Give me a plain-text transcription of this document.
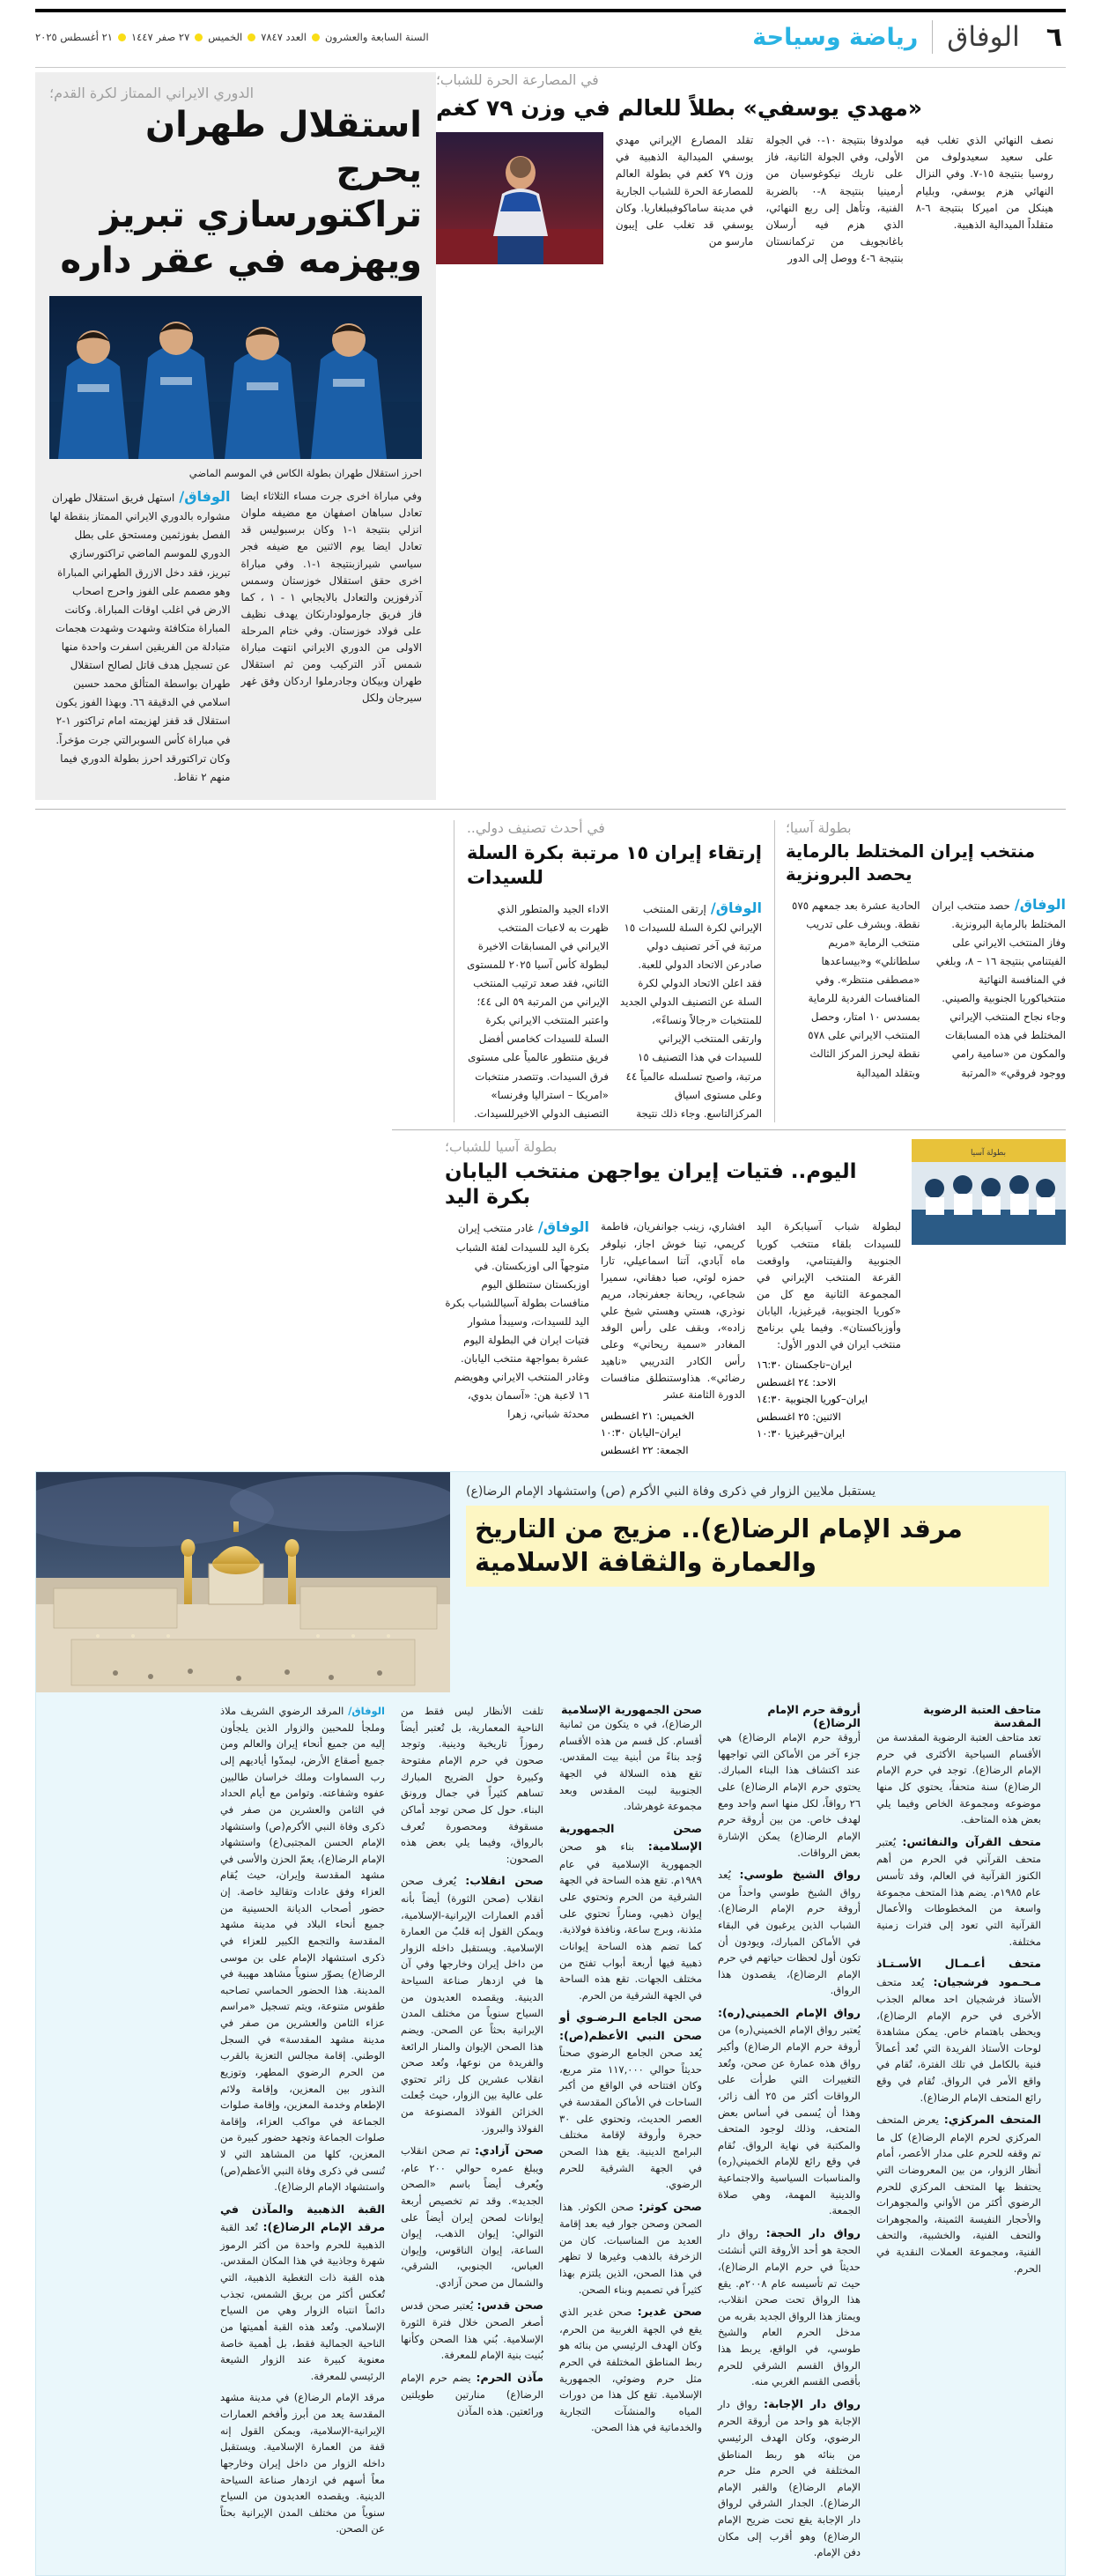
٦
الوفاق
رياضة وسياحة
السنة السابعة والعشرون
العدد ٧٨٤٧
الخميس
٢٧ صفر ١٤٤٧
٢١ أغسطس ٢٠٢٥
في المصارعة الحرة للشباب؛
«مهدي يوسفي» بطلاً للعالم في وزن ٧٩ كغم
نصف النهائي الذي تغلب فيه على سعيد سعيدولوف من روسيا بنتيجة ١٥-٧. وفي النزال النهائي هزم يوسفي، وبليام هينكل من اميركا بنتيجة ٦-٨ متقلداً الميدالية الذهبية.
مولدوفا بنتيجة ١٠-٠ في الجولة الأولى، وفي الجولة الثانية، فاز على ناريك نيكوغوسيان من أرمينيا بنتيجة ٨-٠ بالضربة الفنية، وتأهل إلى ربع النهائي، الذي هزم فيه أرسلان باغانجويف من تركمانستان بنتيجة ٦-٤ ووصل إلى الدور
تقلد المصارع الإيراني مهدي يوسفي الميدالية الذهبية في وزن ٧٩ كغم في بطولة العالم للمصارعة الحرة للشباب الجارية في مدينة ساماكوفببلغاريا. وكان يوسفي قد تغلب على إيبون مارسو من
الدوري الايراني الممتاز لكرة القدم؛
استقلال طهران يحرج
تراكتورسازي تبريز
ويهزمه في عقر داره
احرز استقلال طهران بطولة الكاس في الموسم الماضي
وفي مباراة اخرى جرت مساء الثلاثاء ايضا تعادل سباهان اصفهان مع مضيفه ملوان انزلي بنتيجة ١-١ وكان برسبوليس قد تعادل ايضا يوم الاثنين مع ضيفه فجر سياسي شيرازبنتيجة ١-١. وفي مباراة اخرى حقق استقلال خوزستان وسمس آذرفوزين والتعادل بالايجابي ١ - ١ ، كما فاز فريق جارمولودارنكان يهدف نظيف على فولاد خوزستان. وفي ختام المرحلة الاولى من الدوري الايراني انتهت مباراة شمس آذر التركيب ومن ثم استقلال طهران وبيكان وجادرملوا اردكان وفق غهر سيرجان ولكل
الوفاق/ استهل فريق استقلال طهران مشواره بالدوري الايراني الممتاز بنقطة لها الفصل بفوزثمين ومستحق على بطل الدوري للموسم الماضي تراكتورسازي تبريز، فقد دخل الازرق الطهراني المباراة وهو مصمم على الفوز واحرج اصحاب الارض في اغلب اوقات المباراة. وكانت المباراة متكافئة وشهدت وشهدت هجمات متبادلة من الفريقين اسفرت واحدة منها عن تسجيل هدف قاتل لصالح استقلال طهران بواسطة المتألق محمد حسين اسلامي في الدقيقة ٦٦. وبهذا الفوز يكون استقلال قد قفز لهزيمته امام تراكتور ١-٢ في مباراة كأس السوبرالتي جرت مؤخراً. وكان تراكتورقد احرز بطولة الدوري فيما منهم ٢ نقاط.
بطولة آسيا؛
منتخب إيران المختلط بالرماية يحصد البرونزية
الوفاق/ حصد منتخب ايران المختلط بالرماية البرونزية. وفاز المنتخب الايراني على الفيتنامي بنتيجة ١٦ – ٨، وبلغي في المنافسة النهائية منتخباكوريا الجنوبية والصيني. وجاء نجاح المنتخب الإيراني المختلط في هذه المسابقات والمكون من «سامية رامي ووجود فروقي» «المرتبة الحادية عشرة بعد جمعهم ٥٧٥ نقطة. وبشرف على تدريب منتخب الرماية «مريم سلطانلي» و«بيساعدها «مصطفى منتظر». وفي المنافسات الفردية للرماية بمسدس ١٠ امتار، وحصل المنتخب الايراني على ٥٧٨ نقطة ليحرز المركز الثالث وبتقلد الميدالية
في أحدث تصنيف دولي..
إرتقاء إيران ١٥ مرتبة بكرة السلة للسيدات
الوفاق/ إرتقى المنتخب الإيراني لكرة السلة للسيدات ١٥ مرتبة في آخر تصنيف دولي صادرعن الاتحاد الدولي للعبة. فقد اعلن الاتحاد الدولي لكرة السلة عن التصنيف الدولي الجديد للمنتخبات «رجالاً ونساءً»، وارتقى المنتخب الإيراني للسيدات في هذا التصنيف ١٥ مرتبة، واصبح تسلسله عالمياً ٤٤ وعلى مستوى اسياق المركزالتاسع. وجاء ذلك نتيجة الاداء الجيد والمتطور الذي ظهرت به لاعبات المنتخب الايراني في المسابقات الاخيرة لبطولة كأس آسيا ٢٠٢٥ للمستوى الثاني، فقد صعد ترتيب المنتخب الإيراني من المرتبة ٥٩ الى ٤٤؛ واعتبر المنتخب الايراني بكرة السلة للسيدات كخامس أفضل فريق منتطور عالمياً على مستوى فرق السيدات. وتتصدر منتخبات «امريكا – استراليا وفرنسا» التصنيف الدولي الاخيرللسيدات.
بطولة آسيا
بطولة آسيا للشباب؛
اليوم.. فتيات إيران يواجهن منتخب اليابان بكرة اليد
لبطولة شباب آسيابكرة اليد للسيدات بلقاء منتخب كوريا الجنوبية والفيتنامي، واوقعت القرعة المنتخب الإيراني في المجموعة الثانية مع كل من «كوريا الجنوبية، قيرغيزيا، اليابان وأوزباكستان». وفيما يلي برنامج منتخب ايران في الدور الأول:
ايران–تاجكستان ١٦:٣٠
الاحد: ٢٤ اغسطس
ايران–كوريا الجنوبية ١٤:٣٠
الاثنين: ٢٥ اغسطس
ايران–قيرغيزيا ١٠:٣٠
افشاري، زينب جوانفريان، فاطمة كريمي، تينا خوش اجاز، نيلوفر ماه آبادي، آتنا اسماعيلي، تارا حمزه لوئي، صبا دهقاني، سميرا شجاعي، ريحانة جعفرنجاد، مريم نوذري، هستي وهستي شيخ علي زاده»، وبقف على رأس الوفد المغادر «سمية ريحاني» وعلى رأس الكادر التدريبي «ناهيد رضائي». هذاوستنطلق منافسات الدورة الثامنة عشر
الخميس: ٢١ اغسطس
ايران–اليابان ١٠:٣٠
الجمعة: ٢٢ اغسطس
الوفاق/ غادر منتخب إيران بكرة اليد للسيدات لفئة الشباب متوجهاً الى اوزبكستان. في اوزبكستان ستنطلق اليوم منافسات بطولة آسياللشباب بكرة اليد للسيدات، وسيبدأ مشوار فتيات ايران في البطولة اليوم عشرة بمواجهة منتخب اليابان. وغادر المنتخب الايراني وهويضم ١٦ لاعبة هن: «آسمان بدوي، محدثة شباني، زهرا
يستقبل ملايين الزوار في ذكرى وفاة النبي الأكرم (ص) واستشهاد الإمام الرضا(ع)
مرقد الإمام الرضا(ع).. مزيج من التاريخ والعمارة والثقافة الاسلامية
متاحف العتبة الرضوية المقدسة
تعد متاحف العتبة الرضوية المقدسة من الأقسام السياحية الأكثرى في حرم الإمام الرضا(ع). توجد في حرم الإمام الرضا(ع) سنة متحفاً، يحتوي كل منها موضوعه ومجموعة الخاص وفيما يلي بعض هذه المتاحف.
متحف القرآن والنفائس: يُعتبر متحف القرآني في الحرم من أهم الكنوز القرآنية في العالم، وقد تأسس عام ١٩٨٥م. يضم هذا المتحف مجموعة واسعة من المخطوطات والأعمال القرآنية التي تعود إلى فترات زمنية مختلفة.
متحف أعـمـال الأسـتـاذ مـحـمود فرشجيان: يُعد متحف الأستاذ فرشجيان احد معالم الجذب الأخرى في حرم الإمام الرضا(ع)، ويحظى باهتمام خاص. يمكن مشاهدة لوحات الأستاذ الفريدة التي تُعد أعمالاً فنية بالكامل في تلك الفترة، تُقام في واقع الأمر في الرواق. تُقام في وقع رائع المتحف الإمام الرضا(ع).
المتحف المركزي: يعرض المتحف المركزي لحرم الإمام الرضا(ع) كل ما تم وقفه للحرم على مدار الأعصر، أمام أنظار الزوار، من بين المعروضات التي يحتفظ بها المتحف المركزي للحرم الرضوي أكثر من الأواني والمجوهرات والأحجار النفيسة الثمينة، والمجوهرات والتحف الفنية، والخشبية، والتحف الفنية، ومجموعة العملات النقدية في الحرم.
أروقة حرم الإمام الرضا(ع)
أروقة حرم الإمام الرضا(ع) هي جزء آخر من الأماكن التي تواجهها عند اكتشاف هذا البناء المبارك. يحتوي حرم الإمام الرضا(ع) على ٢٦ رواقاً، لكل منها اسم واحد ومع لهدف خاص. من بين أروقة حرم الإمام الرضا(ع) يمكن الإشارة بعض الرواقات.
رواق الشيخ طوسي: يُعد رواق الشيخ طوسي واحداً من أروقة حرم الإمام الرضا(ع). الشباب الذين يرغبون في البقاء في الأماكن المبارك، ويودون أن تكون أول لحظات حياتهم في حرم الإمام الرضا(ع)، يقصدون هذا الرواق.
رواق الإمام الخميني(ره): يُعتبر رواق الإمام الخميني(ره) من أروقة حرم الإمام الرضا(ع) وأكبر رواق هذه عمارة عن صحن، وتُعد التغييرات التي طرأت على الرواقات أكثر من ٢٥ ألف زائر، وهذا أن يُسمى في أساس بعض المتحف، وذلك لوجود المتحف والمكتبة في نهاية الرواق. نُقام في وقع رائع للإمام الخميني(ره) والمناسبات السياسية والاجتماعية والدينية المهمة، وهي صلاة الجمعة.
رواق دار الحجة: رواق دار الحجة هو أحد الأروقة التي أنشئت حديثاً في حرم الإمام الرضا(ع)، حيث تم تأسيسه عام ٢٠٠٨م. يقع هذا الرواق تحت صحن انقلاب، ويمتاز هذا الرواق الجديد بقربه من مدخل الحرم العام والشيخ طوسي، في الواقع، يربط هذا الرواق القسم الشرقي للحرم بأقصى القسم الغربي منه.
رواق دار الإجابة: رواق دار الإجابة هو واحد من أروقة الحرم الرضوي، وكان الهدف الرئيسي من بنائه هو ربط المناطق المختلفة في الحرم مثل حرم الإمام الرضا(ع) والقبر الإمام الرضا(ع). الجدار الشرقي لرواق دار الإجابة يقع تحت ضريح الإمام الرضا(ع) وهو أقرب إلى مكان دفن الإمام.
صحن الجمهورية الإسلامية
الرضا(ع)، في ه يتكون من ثمانية أقسام. كل قسم من هذه الأقسام وُجد بناءً من أبنية بيت المقدس. تقع هذه السلالة في الجهة الجنوبية لبيت المقدس وبعد مجموعة غوهرشاد.
صحن الجمهورية الإسلامية: بناء هو صحن الجمهورية الإسلامية في عام ١٩٨٩م. تقع هذه الساحة في الجهة الشرقية من الحرم وتحتوي على إيوان ذهبي، ومناراً تحتوي على مئذنة، وبرج ساعة، ونافذة فولاذية. كما تضم هذه الساحة إيوانات ذهبية فيها أربعة أبواب تفتح من مختلف الجهات. تقع هذه الساحة في الجهة الشرقية من الحرم.
صحن الجامع الـرضـوي أو صحن النبي الأعظم(ص): يُعد صحن الجامع الرضوي صحناً حديثاً حوالي ١١٧,٠٠٠ متر مربع، وكان افتتاحه في الواقع من أكبر الساحات في الأماكن المقدسة في العصر الحديث، وتحتوي على ٣٠ حجرة وأروقة لإقامة مختلف البرامج الدينية. يقع هذا الصحن في الجهة الشرقية للحرم الرضوي.
صحن كوثر: صحن الكوثر. هذا الصحن وصحن جوار فيه بعد إقامة العديد من المناسبات. كان من الزخرفة بالذهب وغيرها لا تظهر في هذا الصحن، الذين يلتزم بهذا كثيراً في تصميم وبناء الصحن.
صحن غدير: صحن غدير الذي يقع في الجهة الغربية من الحرم، وكان الهدف الرئيسي من بنائه هو ربط المناطق المختلفة في الحرم مثل حرم وضوئي، الجمهورية الإسلامية. تقع كل هذا من دورات المياه والمنشآت التجارية والخدماتية في هذا الصحن.
تلفت الأنظار ليس فقط من الناحية المعمارية، بل تُعتبر أيضاً رموزاً تاريخية ودينية. وتوجد صحون في حرم الإمام مفتوحة وكبيرة حول الضريح المبارك تساهم كثيراً في جمال ورونق البناء. حول كل صحن توجد أماكن مسقوفة ومحصورة تُعرف بالرواق، وفيما يلي بعض هذه الصحون:
صحن انقلاب: يُعرف صحن انقلاب (صحن الثورة) أيضاً بأنه أقدم العمارات الإيرانية-الإسلامية، ويمكن القول إنه قلبٌ من العمارة الإسلامية. ويستقبل داخله الزوار من داخل إيران وخارجها وفي آن ها في ازدهار صناعة السياحة الدينية. ويقصده العديدون من السياح سنوياً من مختلف المدن الإيرانية بحثاً عن الصحن. ويضم هذا الصحن الإيوان والمنار الرائعة والفريدة من نوعها، وتُعد صحن انقلاب عشرين كل زائر تحتوي على عالية بين الزوار، حيث جُعلت الخزائن الفولاذ المصنوعة من الفولاذ والبروز.
صحن آزادي: تم صحن انقلاب ويبلغ عمره حوالي ٢٠٠ عام، ويُعرف أيضاً باسم «الصحن الجديد». وقد تم تخصيص أربعة إيوانات لصحن إيران أيضاً على التوالي: إيوان الذهب، إيوان الساعة، إيوان الناقوس، وإيوان العباس، الجنوبي، الشرقي، والشمال من صحن آزادي.
صحن قدس: يُعتبر صحن قدس أصغر الصحن خلال فترة الثورة الإسلامية. بُني هذا الصحن وكأنها بُنيت بنية الإمام للمعرفة.
مآذن الحرم: يضم حرم الإمام الرضا(ع) منارتين طويلتين ورائعتين. هذه المآذن
الوفاق/ المرقد الرضوي الشريف ملاذ وملجأ للمحبين والزوار الذين يلجأون إليه من جميع أنحاء إيران والعالم ومن جميع أصقاع الأرض، ليمدّوا أياديهم إلى رب السماوات وملك خراسان طالبين عفوه وشفاعته. وتوامن مع أيام الحداد في الثامن والعشرين من صفر في ذكرى وفاة النبي الأكرم(ص) واستشهاد الإمام الحسن المجتبى(ع) واستشهاد الإمام الرضا(ع)، يعمّ الحزن والأسى في مشهد المقدسة وإيران، حيث يُقام العزاء وفق عادات وتقاليد خاصة. إن حضور أصحاب الديانة الحسينية من جميع أنحاء البلاد في مدينة مشهد المقدسة والتجمع الكبير للعزاء في ذكرى استشهاد الإمام على بن موسى الرضا(ع) يصوّر سنوياً مشاهد مهيبة في المدينة. هذا الحضور الحماسي تصاحبه طقوس متنوعة، ويتم تسجيل «مراسم عزاء الثامن والعشرين من صفر في مدينة مشهد المقدسة» في السجل الوطني. إقامة مجالس التعزية بالقرب من الحرم الرضوي المطهر، وتوزيع النذور بين المعزين، وإقامة ولائم الإطعام وخدمة المعزين، وإقامة صلوات الجماعة في مواكب العزاء، وإقامة صلوات الجماعة وتجهد حضور كبيرة من المعزين، كلها من المشاهد التي لا تُنسى في ذكرى وفاة النبي الأعظم(ص) واستشهاد الإمام الرضا(ع).
القبة الذهبية والمآذن في مرقد الإمام الرضا(ع): تُعد القبة الذهبية للحرم واحدة من أكثر الرموز شهرة وجاذبية في هذا المكان المقدس. هذه القبة ذات التغطية الذهبية، التي تُعكس أكثر من بريق الشمس، تجذب دائماً انتباه الزوار وهي من السياح الإسلامي. وتُعد هذه القبة أهميتها من الناحية الجمالية فقط، بل أهمية خاصة معنوية كبيرة عند الزوار الشيعة الرئيسي للمعرفة.
مرقد الإمام الرضا(ع) في مدينة مشهد المقدسة يعد من أبرز وأفخم العمارات الإيرانية-الإسلامية، ويمكن القول إنه قفة من العمارة الإسلامية. ويستقبل داخله الزوار من داخل إيران وخارجها معاً أسهم في ازدهار صناعة السياحة الدينية. ويقصده العديدون من السياح سنوياً من مختلف المدن الإيرانية بحثاً عن الصحن.
